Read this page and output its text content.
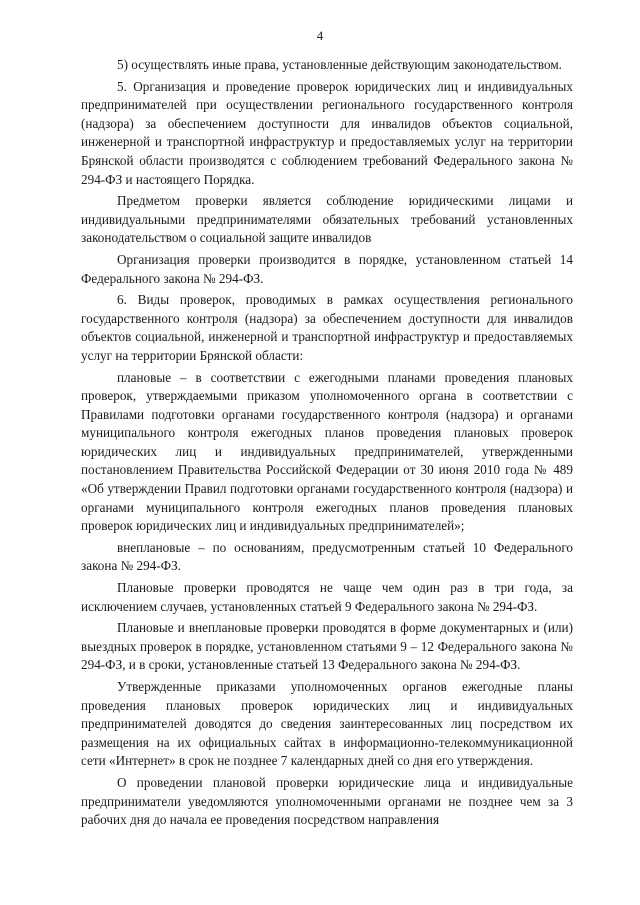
4

5) осуществлять иные права, установленные действующим законодательством.

5. Организация и проведение проверок юридических лиц и индивидуальных предпринимателей при осуществлении регионального государственного контроля (надзора) за обеспечением доступности для инвалидов объектов социальной, инженерной и транспортной инфраструктур и предоставляемых услуг на территории Брянской области производятся с соблюдением требований Федерального закона № 294-ФЗ и настоящего Порядка.

Предметом проверки является соблюдение юридическими лицами и индивидуальными предпринимателями обязательных требований установленных законодательством о социальной защите инвалидов

Организация проверки производится в порядке, установленном статьей 14 Федерального закона № 294-ФЗ.

6. Виды проверок, проводимых в рамках осуществления регионального государственного контроля (надзора) за обеспечением доступности для инвалидов объектов социальной, инженерной и транспортной инфраструктур и предоставляемых услуг на территории Брянской области:

плановые – в соответствии с ежегодными планами проведения плановых проверок, утверждаемыми приказом уполномоченного органа в соответствии с Правилами подготовки органами государственного контроля (надзора) и органами муниципального контроля ежегодных планов проведения плановых проверок юридических лиц и индивидуальных предпринимателей, утвержденными постановлением Правительства Российской Федерации от 30 июня 2010 года № 489 «Об утверждении Правил подготовки органами государственного контроля (надзора) и органами муниципального контроля ежегодных планов проведения плановых проверок юридических лиц и индивидуальных предпринимателей»;

внеплановые – по основаниям, предусмотренным статьей 10 Федерального закона № 294-ФЗ.

Плановые проверки проводятся не чаще чем один раз в три года, за исключением случаев, установленных статьей 9 Федерального закона № 294-ФЗ.

Плановые и внеплановые проверки проводятся в форме документарных и (или) выездных проверок в порядке, установленном статьями 9 – 12 Федерального закона № 294-ФЗ, и в сроки, установленные статьей 13 Федерального закона № 294-ФЗ.

Утвержденные приказами уполномоченных органов ежегодные планы проведения плановых проверок юридических лиц и индивидуальных предпринимателей доводятся до сведения заинтересованных лиц посредством их размещения на их официальных сайтах в информационно-телекоммуникационной сети «Интернет» в срок не позднее 7 календарных дней со дня его утверждения.

О проведении плановой проверки юридические лица и индивидуальные предприниматели уведомляются уполномоченными органами не позднее чем за 3 рабочих дня до начала ее проведения посредством направления
